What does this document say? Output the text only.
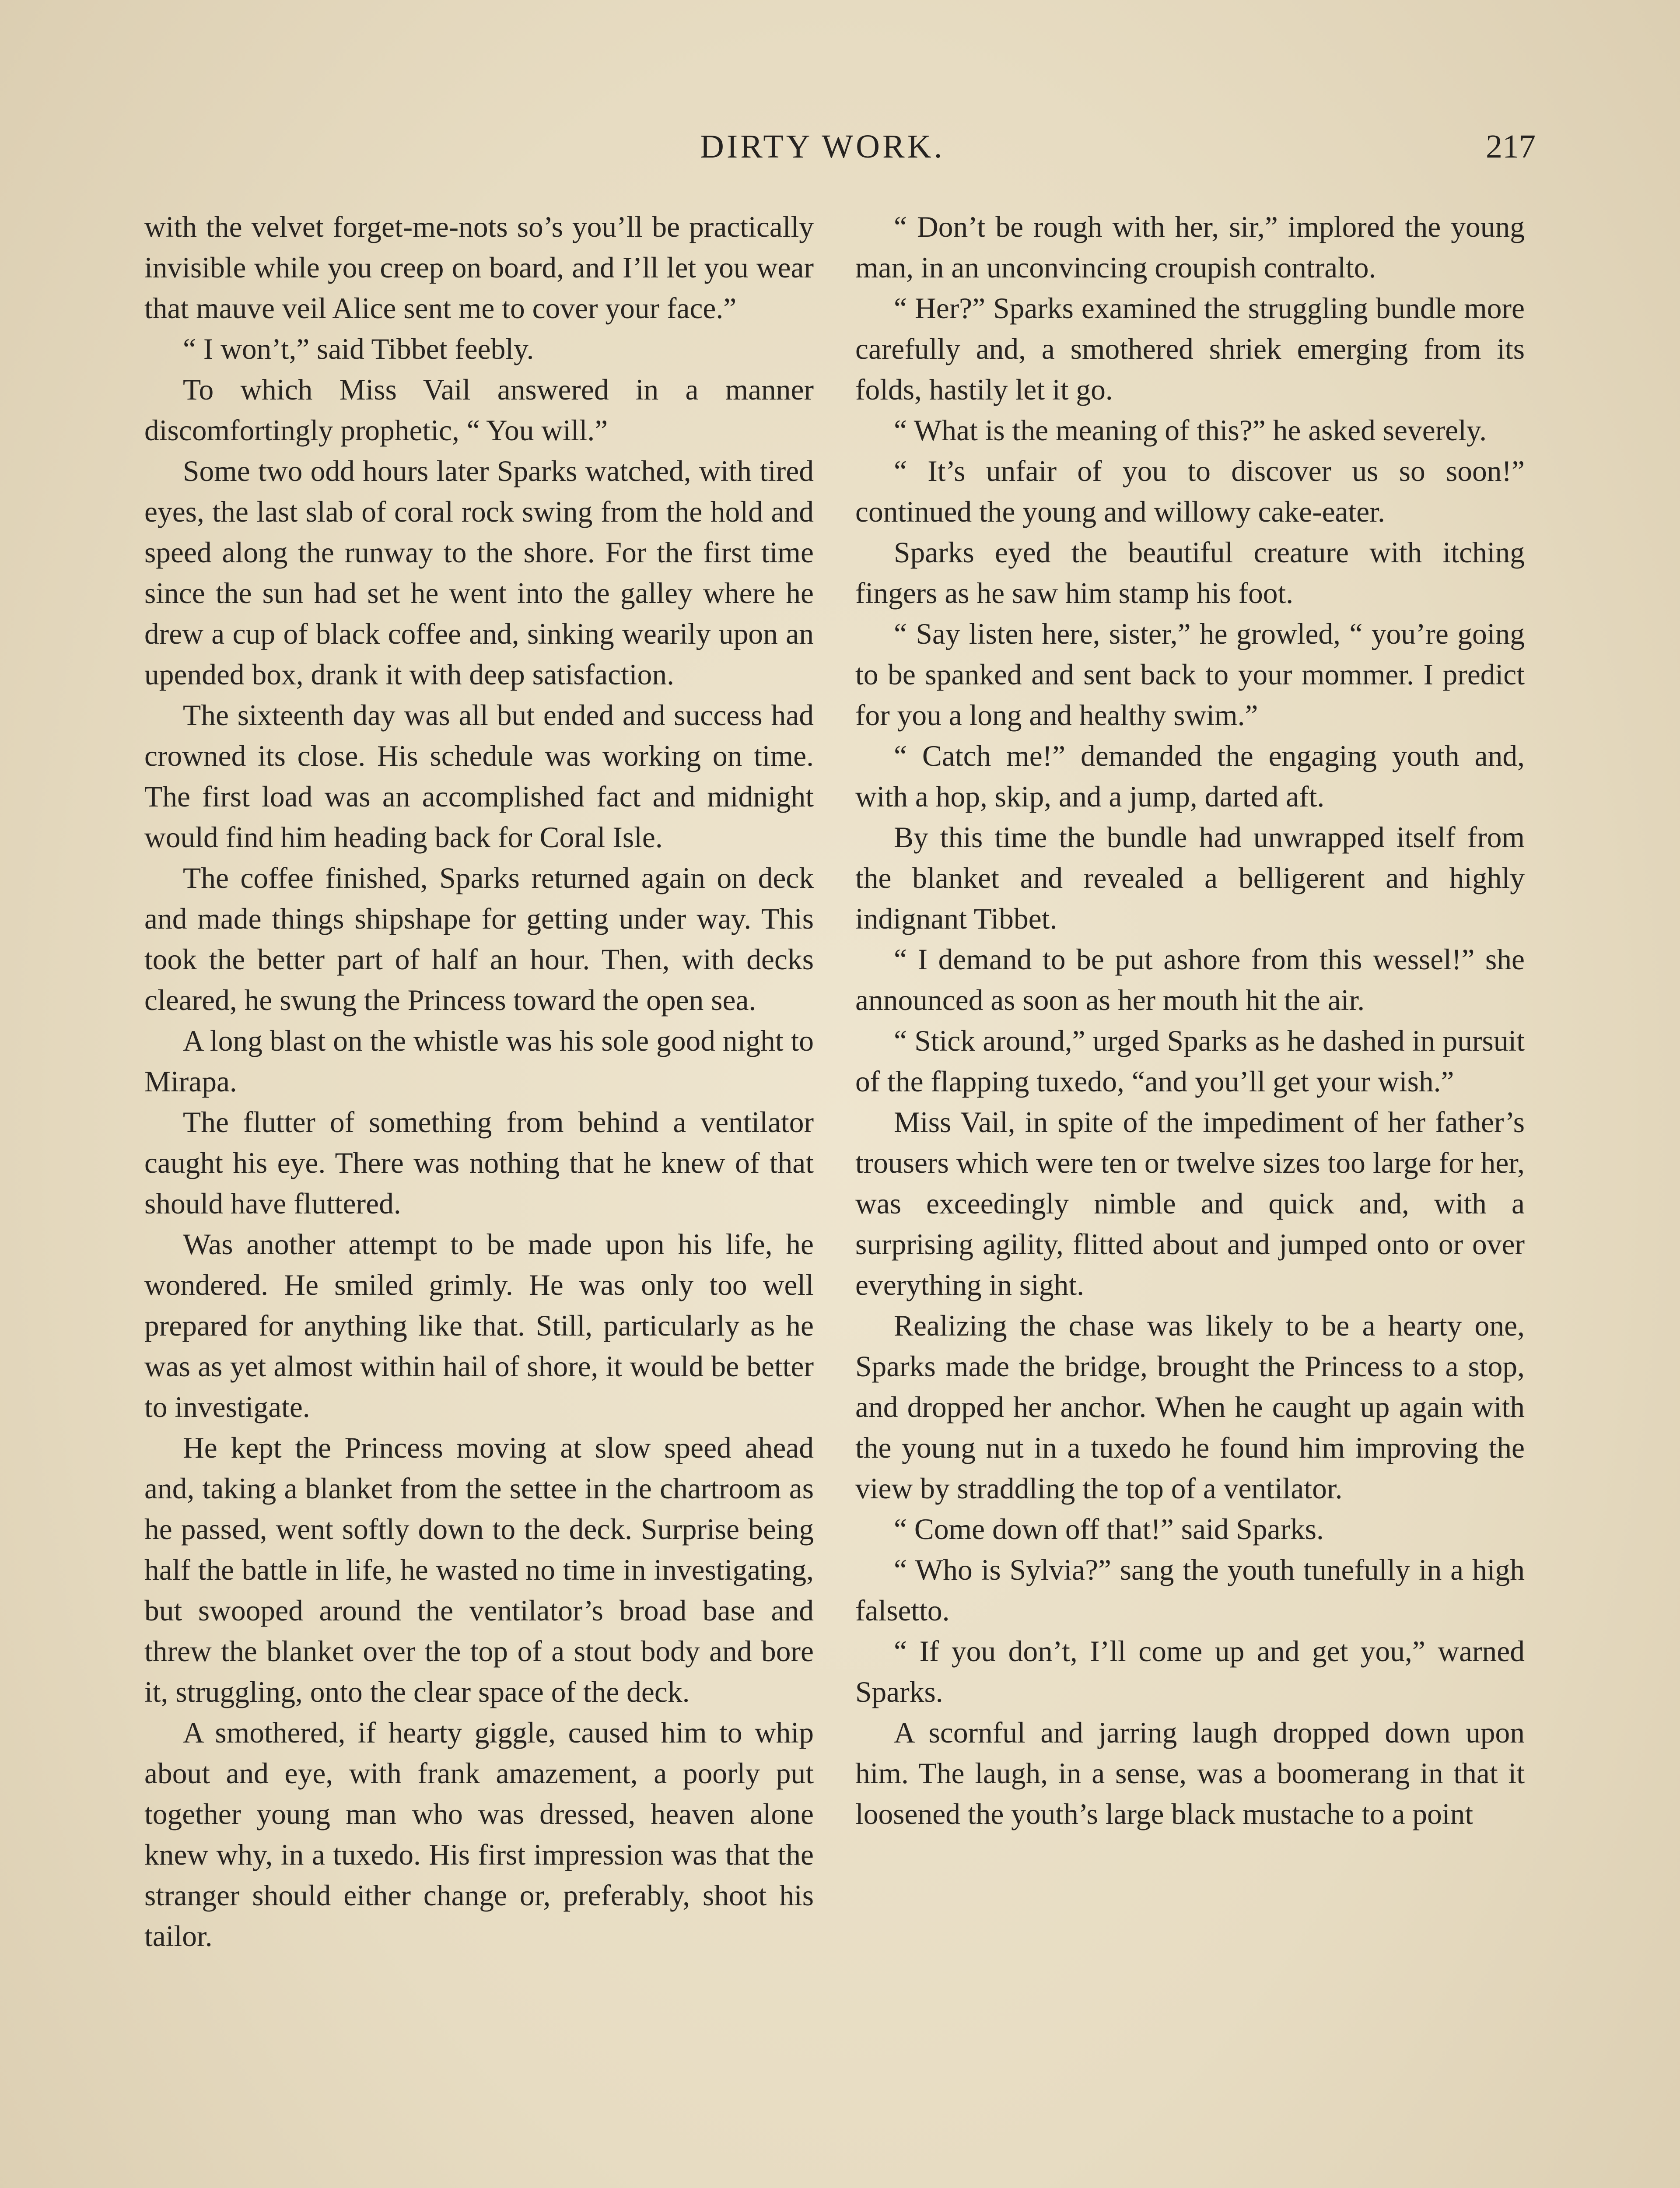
DIRTY WORK.	217

with the velvet forget-me-nots so’s you’ll be practically invisible while you creep on board, and I’ll let you wear that mauve veil Alice sent me to cover your face.”

“ I won’t,” said Tibbet feebly.

To which Miss Vail answered in a manner discomfortingly prophetic, “ You will.”

Some two odd hours later Sparks watched, with tired eyes, the last slab of coral rock swing from the hold and speed along the runway to the shore. For the first time since the sun had set he went into the galley where he drew a cup of black coffee and, sinking wearily upon an upended box, drank it with deep satisfaction.

The sixteenth day was all but ended and success had crowned its close. His schedule was working on time. The first load was an accomplished fact and midnight would find him heading back for Coral Isle.

The coffee finished, Sparks returned again on deck and made things shipshape for getting under way. This took the better part of half an hour. Then, with decks cleared, he swung the Princess toward the open sea.

A long blast on the whistle was his sole good night to Mirapa.

The flutter of something from behind a ventilator caught his eye. There was nothing that he knew of that should have fluttered.

Was another attempt to be made upon his life, he wondered. He smiled grimly. He was only too well prepared for anything like that. Still, particularly as he was as yet almost within hail of shore, it would be better to investigate.

He kept the Princess moving at slow speed ahead and, taking a blanket from the settee in the chartroom as he passed, went softly down to the deck. Surprise being half the battle in life, he wasted no time in investigating, but swooped around the ventilator’s broad base and threw the blanket over the top of a stout body and bore it, struggling, onto the clear space of the deck.

A smothered, if hearty giggle, caused him to whip about and eye, with frank amazement, a poorly put together young man who was dressed, heaven alone knew why, in a tuxedo. His first impression was that the stranger should either change or, preferably, shoot his tailor.

“ Don’t be rough with her, sir,” implored the young man, in an unconvincing croupish contralto.

“ Her?” Sparks examined the struggling bundle more carefully and, a smothered shriek emerging from its folds, hastily let it go.

“ What is the meaning of this?” he asked severely.

“ It’s unfair of you to discover us so soon!” continued the young and willowy cake-eater.

Sparks eyed the beautiful creature with itching fingers as he saw him stamp his foot.

“ Say listen here, sister,” he growled, “ you’re going to be spanked and sent back to your mommer. I predict for you a long and healthy swim.”

“ Catch me!” demanded the engaging youth and, with a hop, skip, and a jump, darted aft.

By this time the bundle had unwrapped itself from the blanket and revealed a belligerent and highly indignant Tibbet.

“ I demand to be put ashore from this wessel!” she announced as soon as her mouth hit the air.

“ Stick around,” urged Sparks as he dashed in pursuit of the flapping tuxedo, “and you’ll get your wish.”

Miss Vail, in spite of the impediment of her father’s trousers which were ten or twelve sizes too large for her, was exceedingly nimble and quick and, with a surprising agility, flitted about and jumped onto or over everything in sight.

Realizing the chase was likely to be a hearty one, Sparks made the bridge, brought the Princess to a stop, and dropped her anchor. When he caught up again with the young nut in a tuxedo he found him improving the view by straddling the top of a ventilator.

“ Come down off that!” said Sparks.

“ Who is Sylvia?” sang the youth tunefully in a high falsetto.

“ If you don’t, I’ll come up and get you,” warned Sparks.

A scornful and jarring laugh dropped down upon him. The laugh, in a sense, was a boomerang in that it loosened the youth’s large black mustache to a point
